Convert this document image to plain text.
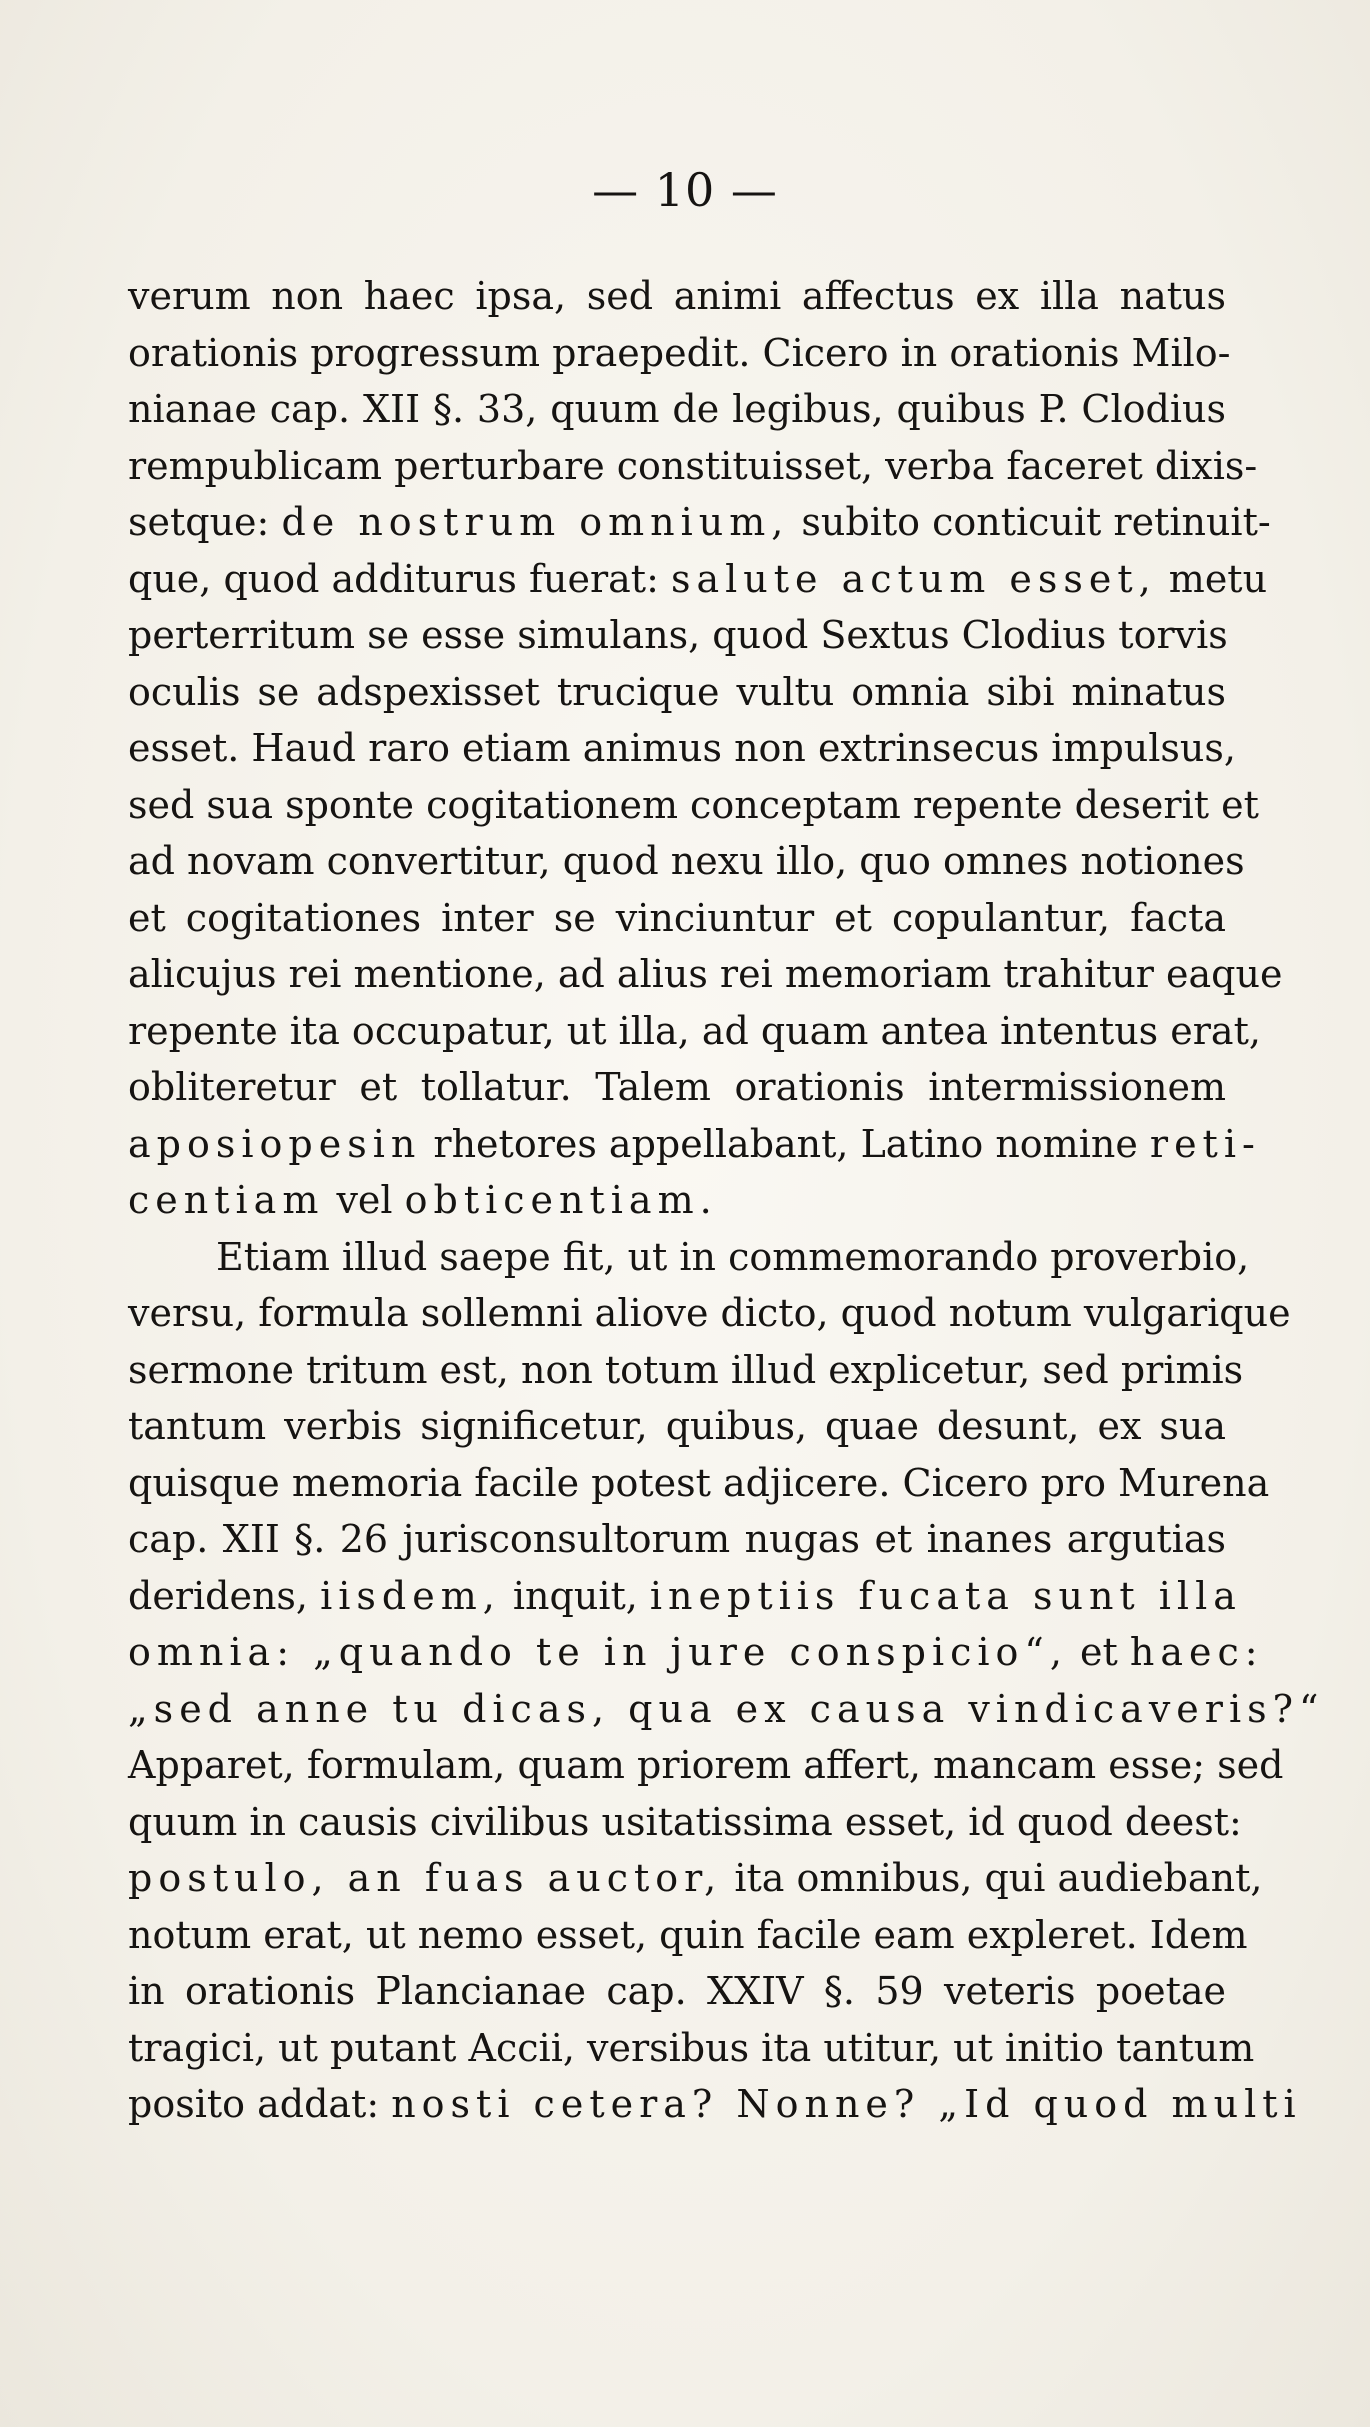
— 10 —
verum non haec ipsa, sed animi affectus ex illa natus
orationis progressum praepedit. Cicero in orationis Milo-
nianae cap. XII §. 33, quum de legibus, quibus P. Clodius
rempublicam perturbare constituisset, verba faceret dixis-
setque: de nostrum omnium, subito conticuit retinuit-
que, quod additurus fuerat: salute actum esset, metu
perterritum se esse simulans, quod Sextus Clodius torvis
oculis se adspexisset trucique vultu omnia sibi minatus
esset. Haud raro etiam animus non extrinsecus impulsus,
sed sua sponte cogitationem conceptam repente deserit et
ad novam convertitur, quod nexu illo, quo omnes notiones
et cogitationes inter se vinciuntur et copulantur, facta
alicujus rei mentione, ad alius rei memoriam trahitur eaque
repente ita occupatur, ut illa, ad quam antea intentus erat,
obliteretur et tollatur. Talem orationis intermissionem
aposiopesin rhetores appellabant, Latino nomine reti-
centiam vel obticentiam.
Etiam illud saepe fit, ut in commemorando proverbio,
versu, formula sollemni aliove dicto, quod notum vulgarique
sermone tritum est, non totum illud explicetur, sed primis
tantum verbis significetur, quibus, quae desunt, ex sua
quisque memoria facile potest adjicere. Cicero pro Murena
cap. XII §. 26 jurisconsultorum nugas et inanes argutias
deridens, iisdem, inquit, ineptiis fucata sunt illa
omnia: „quando te in jure conspicio“, et haec:
„sed anne tu dicas, qua ex causa vindicaveris?“
Apparet, formulam, quam priorem affert, mancam esse; sed
quum in causis civilibus usitatissima esset, id quod deest:
postulo, an fuas auctor, ita omnibus, qui audiebant,
notum erat, ut nemo esset, quin facile eam expleret. Idem
in orationis Plancianae cap. XXIV §. 59 veteris poetae
tragici, ut putant Accii, versibus ita utitur, ut initio tantum
posito addat: nosti cetera? Nonne? „Id quod multi
